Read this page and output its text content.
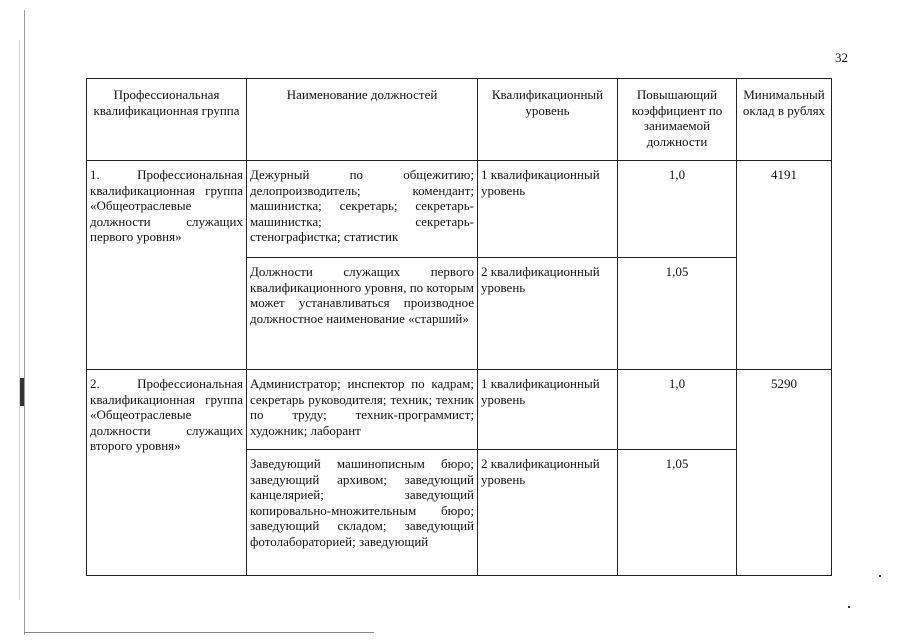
32
Профессиональная квалификационная группа	Наименование должностей	Квалификационный уровень	Повышающий коэффициент по занимаемой должности	Минимальный оклад в рублях

1. Профессиональная
квалификационная группа «Общеотраслевые должности служащих первого уровня»	Дежурный по общежитию; делопроизводитель; комендант; машинистка; секретарь; секретарь-машинистка; секретарь-стенографистка; статистик	1 квалификационный уровень	1,0	4191
	Должности служащих первого квалификационного уровня, по которым может устанавливаться производное должностное наименование «старший»	2 квалификационный уровень	1,05	

2. Профессиональная
квалификационная группа «Общеотраслевые должности служащих второго уровня»	Администратор; инспектор по кадрам; секретарь руководителя; техник; техник по труду; техник-программист; художник; лаборант	1 квалификационный уровень	1,0	5290
	Заведующий машинописным бюро; заведующий архивом; заведующий канцелярией; заведующий копировально-множительным бюро; заведующий складом; заведующий фотолабораторией; заведующий	2 квалификационный уровень	1,05	
